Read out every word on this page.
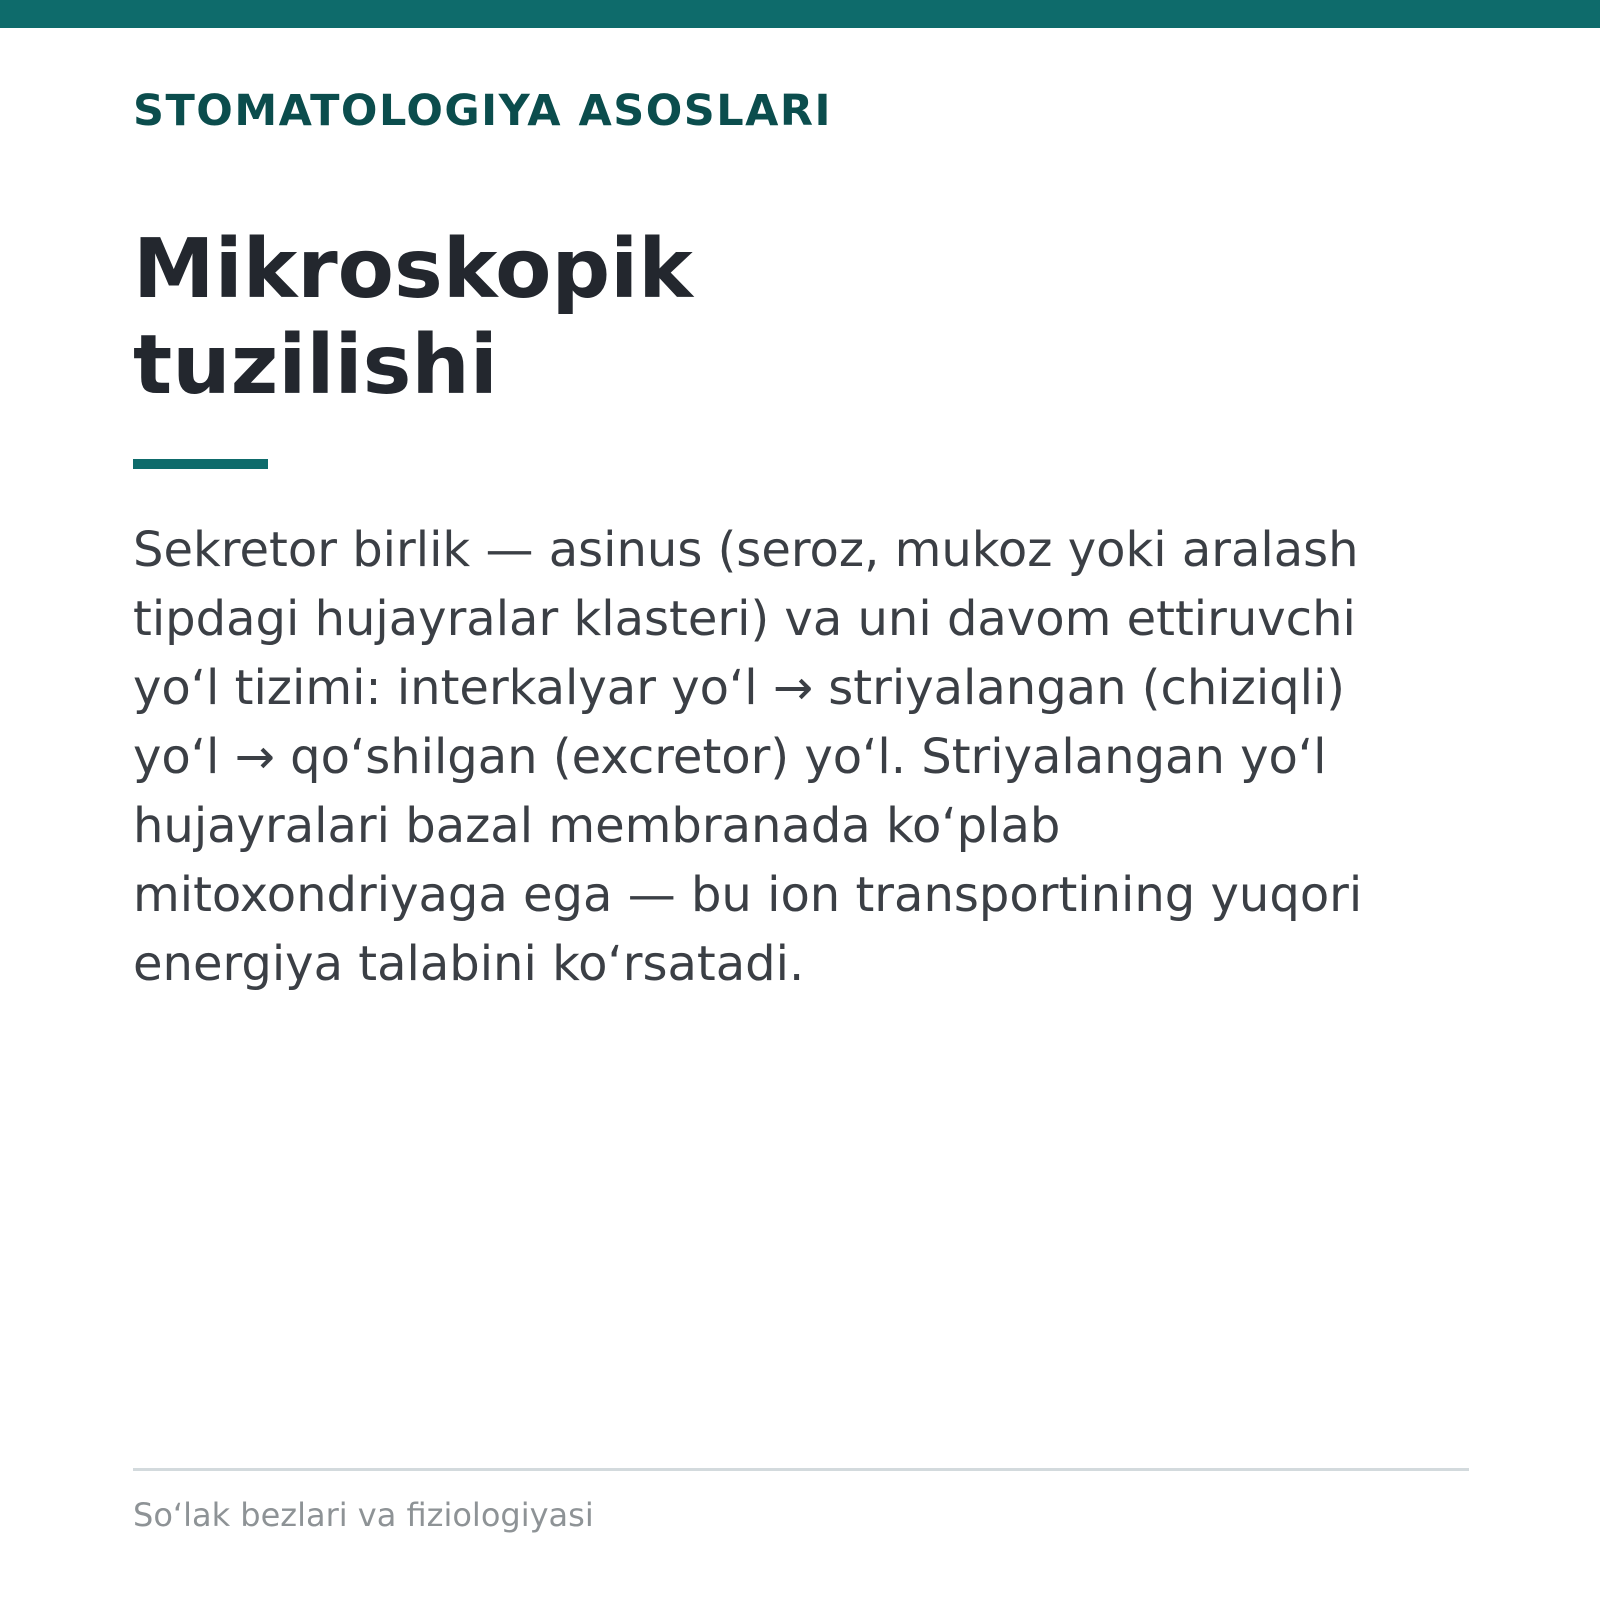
STOMATOLOGIYA ASOSLARI

Mikroskopik
tuzilishi

Sekretor birlik — asinus (seroz, mukoz yoki aralash
tipdagi hujayralar klasteri) va uni davom ettiruvchi
yo‘l tizimi: interkalyar yo‘l → striyalangan (chiziqli)
yo‘l → qo‘shilgan (excretor) yo‘l. Striyalangan yo‘l
hujayralari bazal membranada ko‘plab
mitoxondriyaga ega — bu ion transportining yuqori
energiya talabini ko‘rsatadi.

So‘lak bezlari va fiziologiyasi
